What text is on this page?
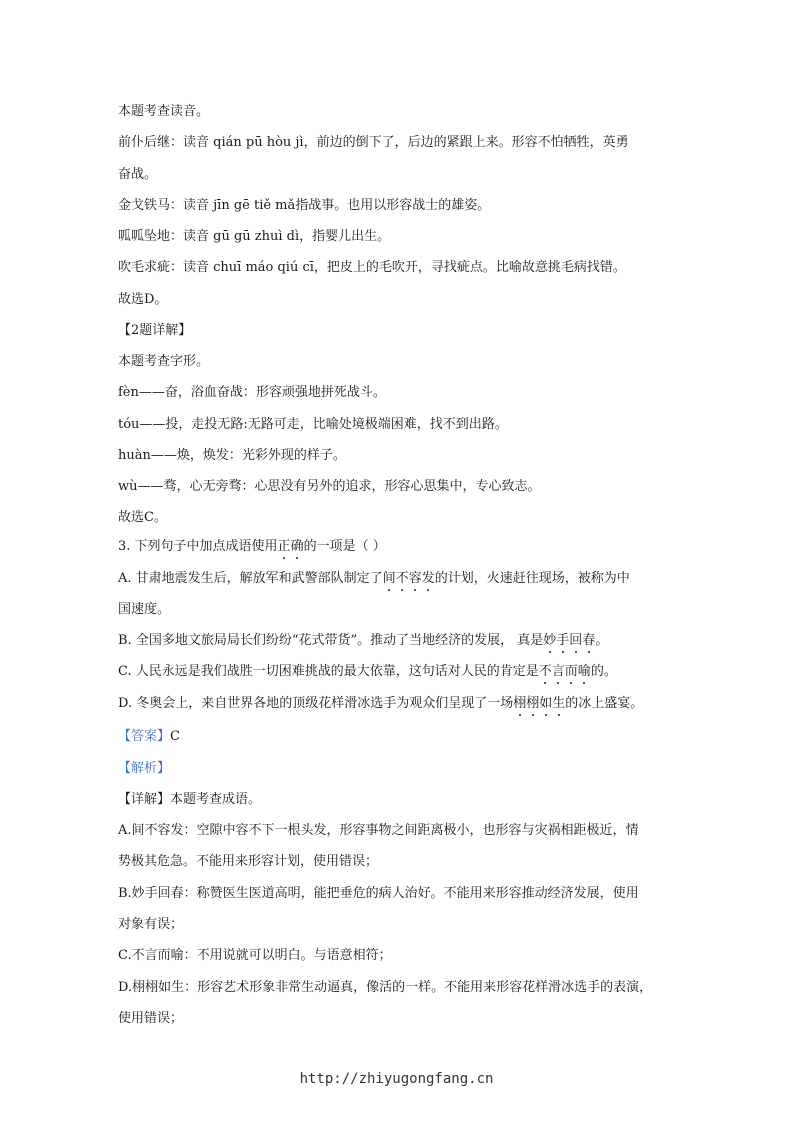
本题考查读音。
前仆后继：读音 qián pū hòu jì，前边的倒下了，后边的紧跟上来。形容不怕牺牲，英勇
奋战。
金戈铁马：读音 jīn gē tiě mǎ指战事。也用以形容战士的雄姿。
呱呱坠地：读音 gū gū zhuì dì，指婴儿出生。
吹毛求疵：读音 chuī máo qiú cī，把皮上的毛吹开，寻找疵点。比喻故意挑毛病找错。
故选D。
【2题详解】
本题考查字形。
fèn——奋，浴血奋战：形容顽强地拼死战斗。
tóu——投，走投无路:无路可走，比喻处境极端困难，找不到出路。
huàn——焕，焕发：光彩外现的样子。
wù——骛，心无旁骛：心思没有另外的追求，形容心思集中，专心致志。
故选C。
3. 下列句子中加点成语使用正确的一项是（ ）
A. 甘肃地震发生后，解放军和武警部队制定了间不容发的计划，火速赶往现场，被称为中
国速度。
B. 全国多地文旅局局长们纷纷“花式带货”。推动了当地经济的发展， 真是妙手回春。
C. 人民永远是我们战胜一切困难挑战的最大依靠，这句话对人民的肯定是不言而喻的。
D. 冬奥会上，来自世界各地的顶级花样滑冰选手为观众们呈现了一场栩栩如生的冰上盛宴。
【答案】C
【解析】
【详解】本题考查成语。
A.间不容发：空隙中容不下一根头发，形容事物之间距离极小，也形容与灾祸相距极近，情
势极其危急。不能用来形容计划，使用错误；
B.妙手回春：称赞医生医道高明，能把垂危的病人治好。不能用来形容推动经济发展，使用
对象有误；
C.不言而喻：不用说就可以明白。与语意相符；
D.栩栩如生：形容艺术形象非常生动逼真，像活的一样。不能用来形容花样滑冰选手的表演，
使用错误；
http://zhiyugongfang.cn
